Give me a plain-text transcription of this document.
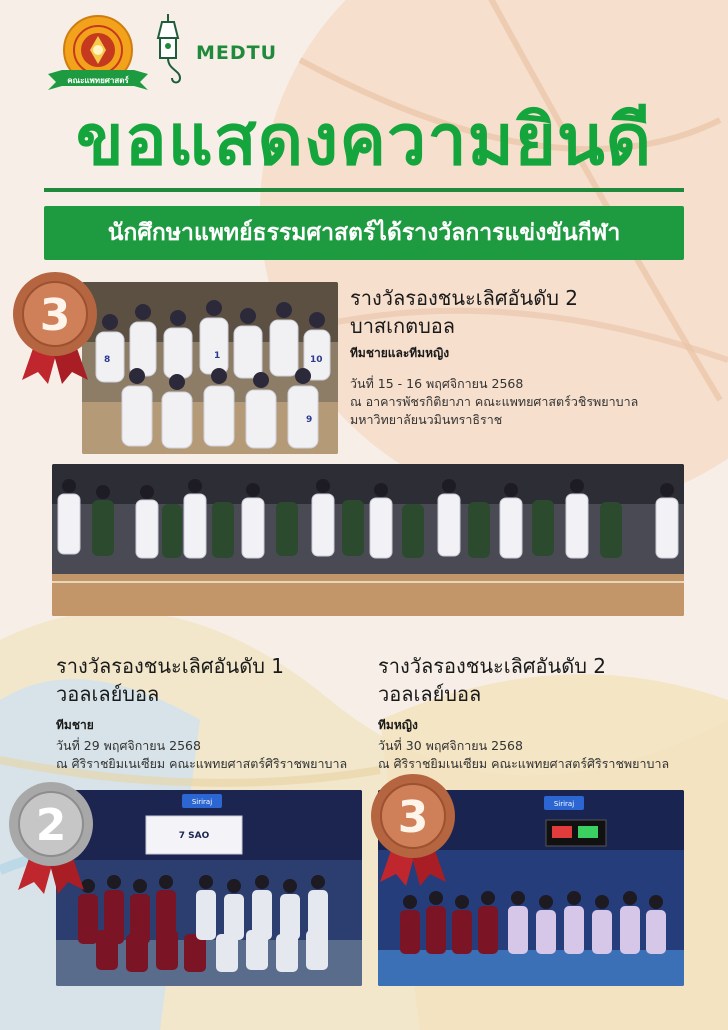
คณะแพทยศาสตร์
MEDTU
ขอแสดงความยินดี
นักศึกษาแพทย์ธรรมศาสตร์ได้รางวัลการแข่งขันกีฬา
8	1	10
9
3	รางวัลรองชนะเลิศอันดับ 2
บาสเกตบอล
ทีมชายและทีมหญิง
วันที่ 15 - 16 พฤศจิกายน 2568
ณ อาคารพัชรกิติยาภา คณะแพทยศาสตร์วชิรพยาบาล
มหาวิทยาลัยนวมินทราธิราช
รางวัลรองชนะเลิศอันดับ 1
วอลเลย์บอล
ทีมชาย
วันที่ 29 พฤศจิกายน 2568
ณ ศิริราชยิมเนเซียม คณะแพทยศาสตร์ศิริราชพยาบาล
รางวัลรองชนะเลิศอันดับ 2
วอลเลย์บอล
ทีมหญิง
วันที่ 30 พฤศจิกายน 2568
ณ ศิริราชยิมเนเซียม คณะแพทยศาสตร์ศิริราชพยาบาล
7 SAO
Siriraj
2	Siriraj
3
